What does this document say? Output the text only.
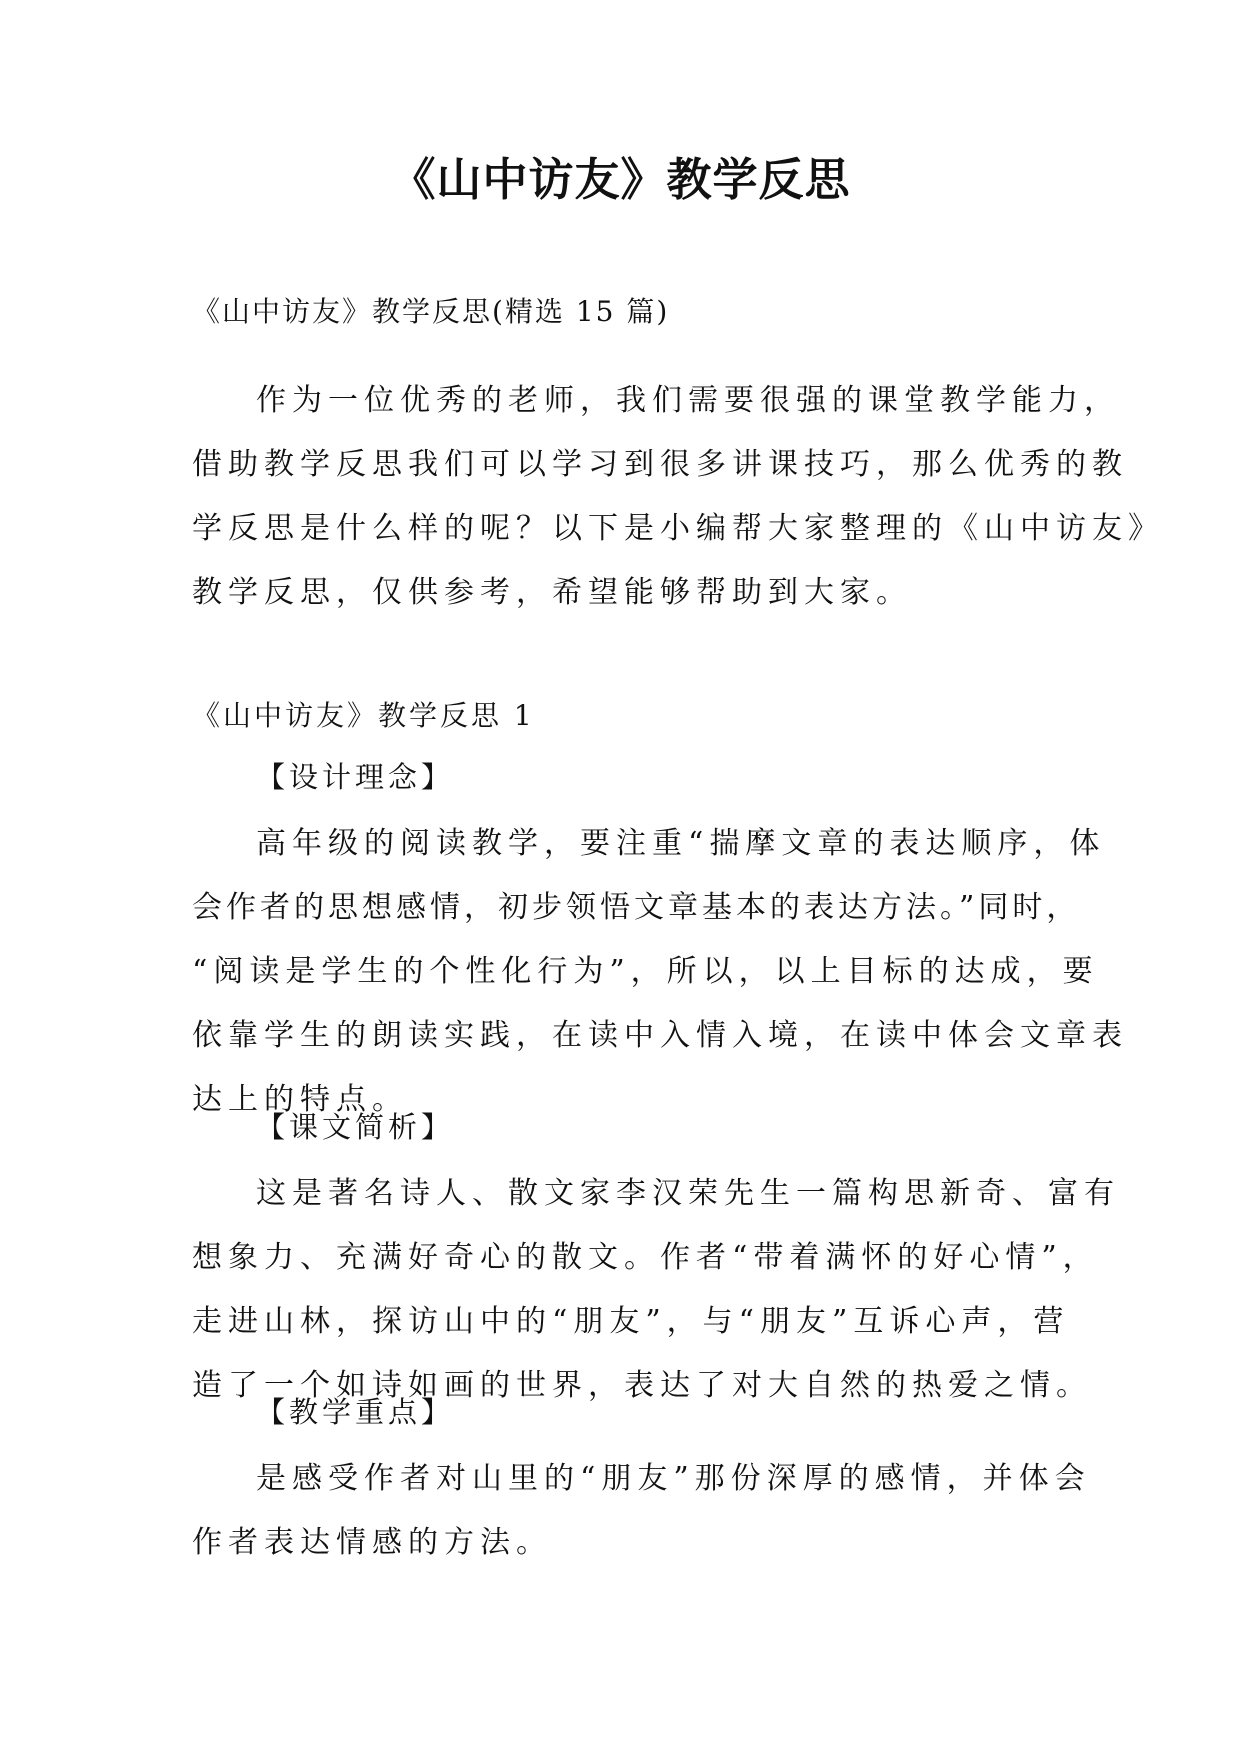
《山中访友》教学反思
《山中访友》教学反思(精选 15 篇)
作为一位优秀的老师，我们需要很强的课堂教学能力，
借助教学反思我们可以学习到很多讲课技巧，那么优秀的教
学反思是什么样的呢？以下是小编帮大家整理的《山中访友》
教学反思，仅供参考，希望能够帮助到大家。
《山中访友》教学反思 1
【设计理念】
高年级的阅读教学，要注重“揣摩文章的表达顺序，体
会作者的思想感情，初步领悟文章基本的表达方法。”同时，
“阅读是学生的个性化行为”，所以，以上目标的达成，要
依靠学生的朗读实践，在读中入情入境，在读中体会文章表
达上的特点。
【课文简析】
这是著名诗人、散文家李汉荣先生一篇构思新奇、富有
想象力、充满好奇心的散文。作者“带着满怀的好心情”，
走进山林，探访山中的“朋友”，与“朋友”互诉心声，营
造了一个如诗如画的世界，表达了对大自然的热爱之情。
【教学重点】
是感受作者对山里的“朋友”那份深厚的感情，并体会
作者表达情感的方法。
